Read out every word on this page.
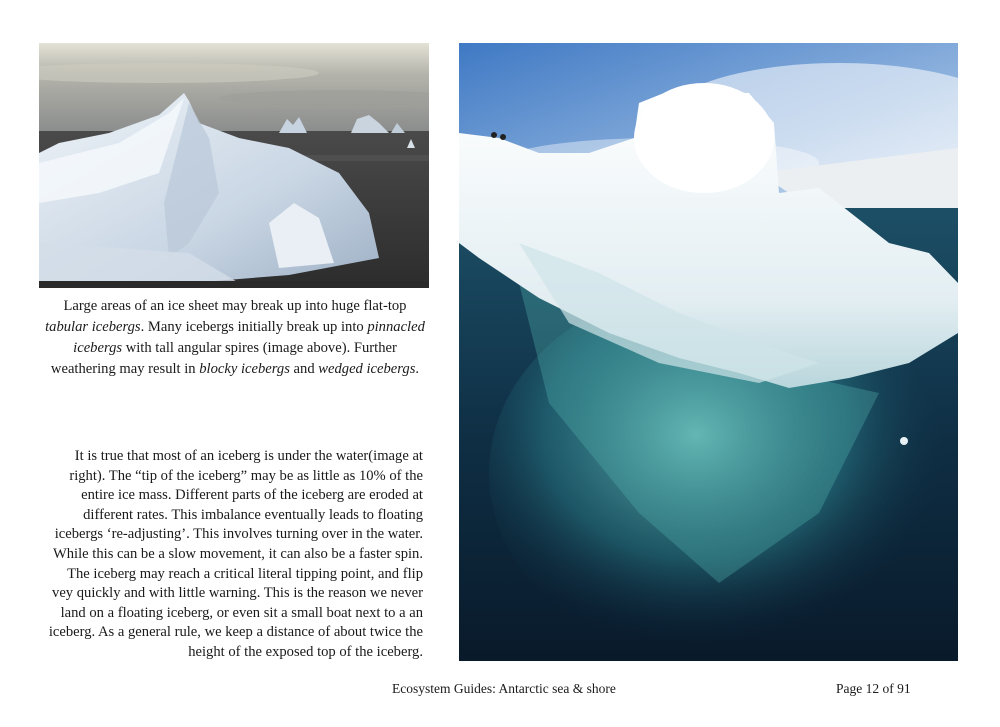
Large areas of an ice sheet may break up into huge flat-top tabular icebergs. Many icebergs initially break up into pinnacled icebergs with tall angular spires (image above). Further weathering may result in blocky icebergs and wedged icebergs.
It is true that most of an iceberg is under the water(image at right). The “tip of the iceberg” may be as little as 10% of the entire ice mass. Different parts of the iceberg are eroded at different rates. This imbalance eventually leads to floating icebergs ‘re-adjusting’. This involves turning over in the water. While this can be a slow movement, it can also be a faster spin. The iceberg may reach a critical literal tipping point, and flip vey quickly and with little warning. This is the reason we never land on a floating iceberg, or even sit a small boat next to a an iceberg. As a general rule, we keep a distance of about twice the height of the exposed top of the iceberg.
Ecosystem Guides: Antarctic sea & shore	Page 12 of 91
